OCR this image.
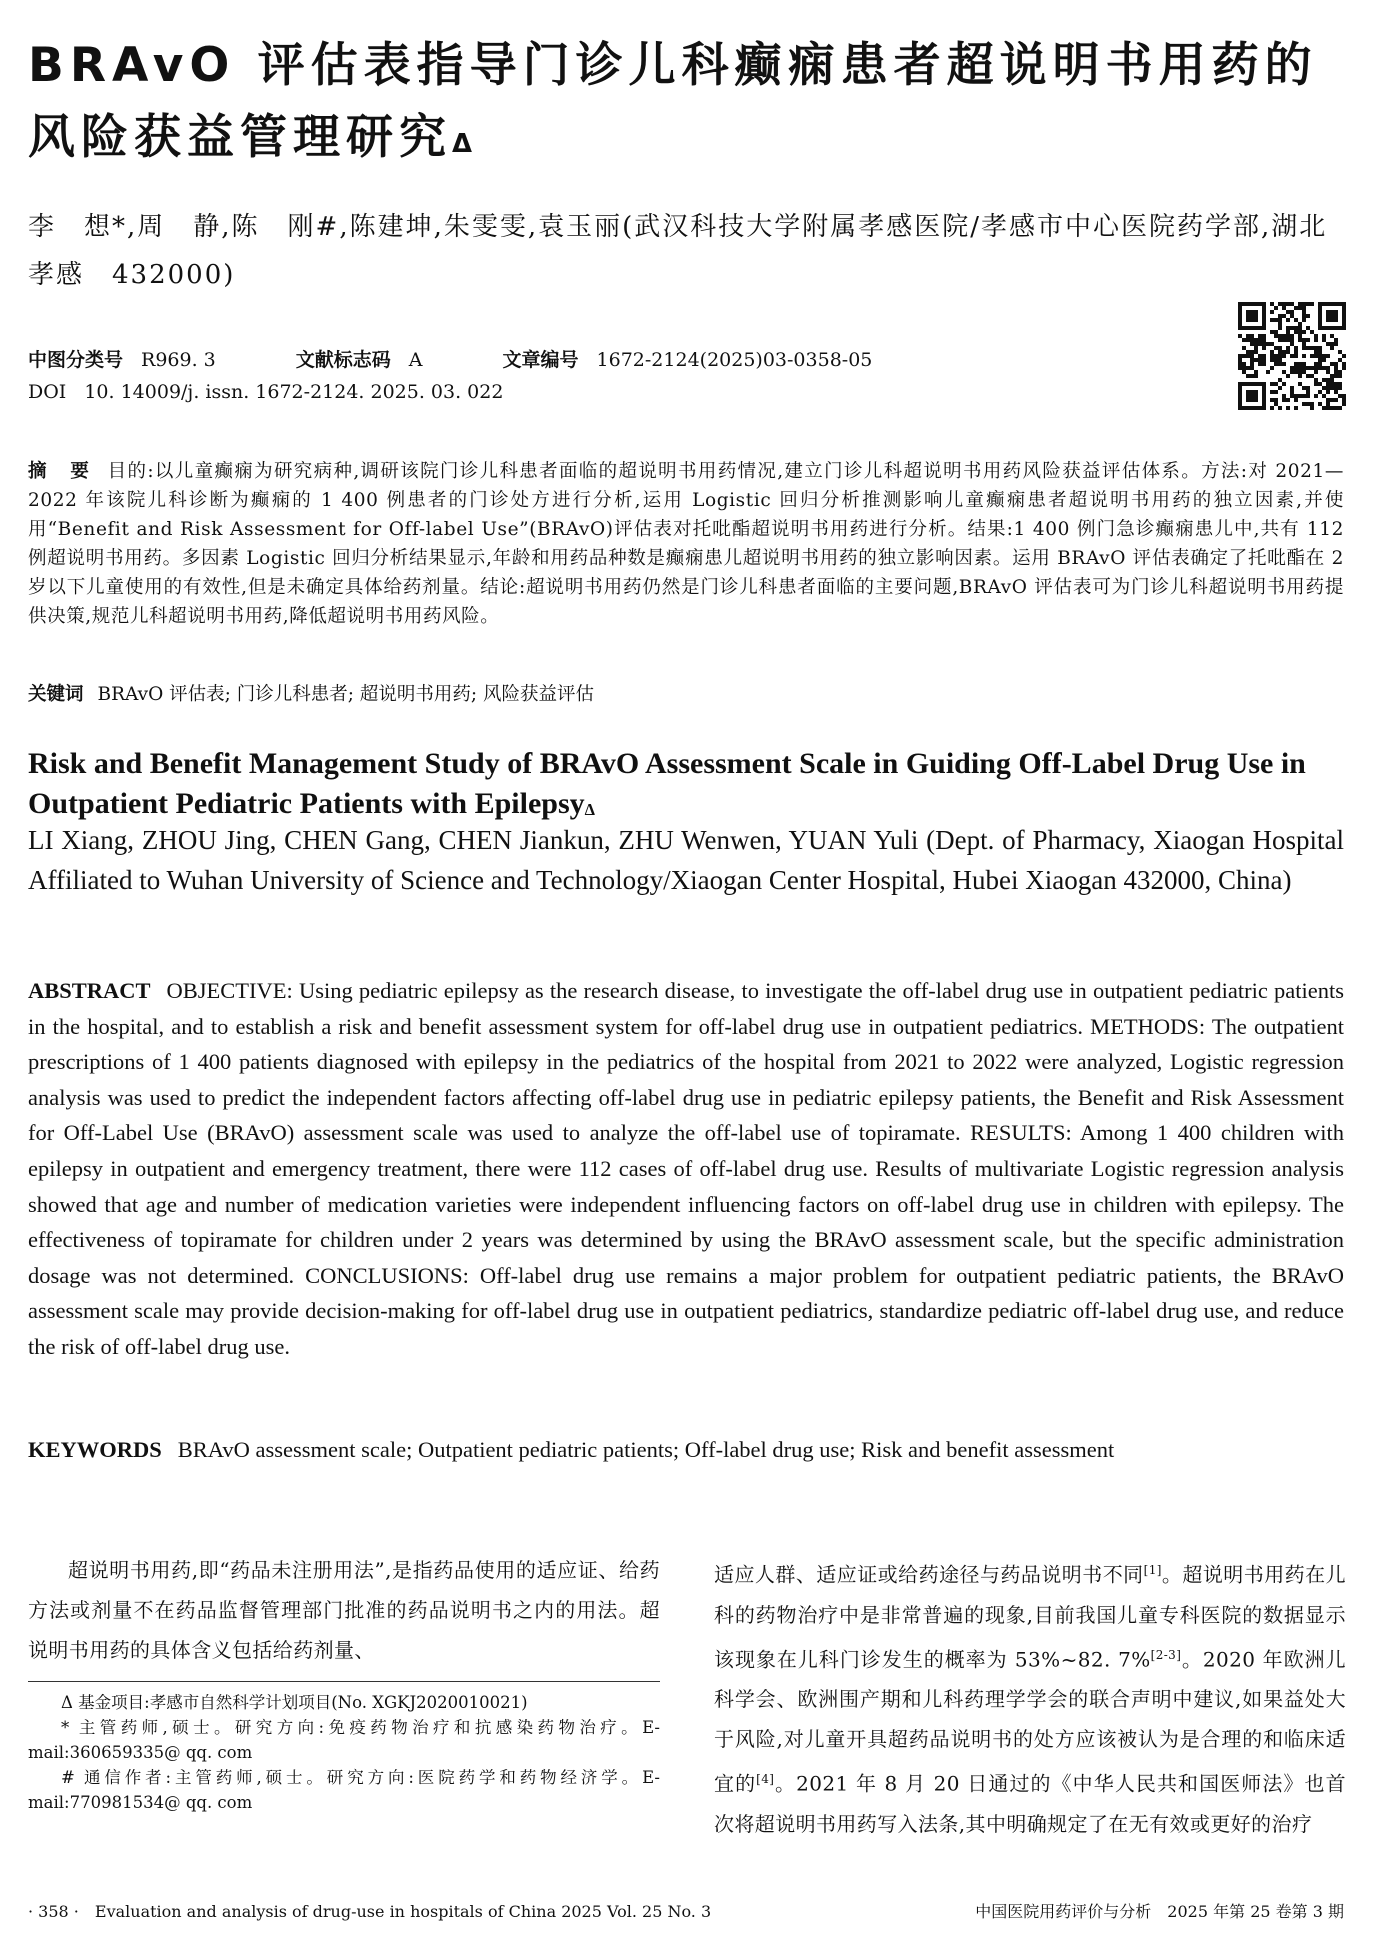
BRAvO 评估表指导门诊儿科癫痫患者超说明书用药的风险获益管理研究$^\Delta$
李　想*,周　静,陈　刚#,陈建坤,朱雯雯,袁玉丽(武汉科技大学附属孝感医院/孝感市中心医院药学部,湖北 孝感　432000)
中图分类号 R969. 3	文献标志码 A	文章编号 1672-2124(2025)03-0358-05
DOI 10. 14009/j. issn. 1672-2124. 2025. 03. 022
摘 要 目的:以儿童癫痫为研究病种,调研该院门诊儿科患者面临的超说明书用药情况,建立门诊儿科超说明书用药风险获益评估体系。方法:对 2021—2022 年该院儿科诊断为癫痫的 1 400 例患者的门诊处方进行分析,运用 Logistic 回归分析推测影响儿童癫痫患者超说明书用药的独立因素,并使用“Benefit and Risk Assessment for Off-label Use”(BRAvO)评估表对托吡酯超说明书用药进行分析。结果:1 400 例门急诊癫痫患儿中,共有 112 例超说明书用药。多因素 Logistic 回归分析结果显示,年龄和用药品种数是癫痫患儿超说明书用药的独立影响因素。运用 BRAvO 评估表确定了托吡酯在 2 岁以下儿童使用的有效性,但是未确定具体给药剂量。结论:超说明书用药仍然是门诊儿科患者面临的主要问题,BRAvO 评估表可为门诊儿科超说明书用药提供决策,规范儿科超说明书用药,降低超说明书用药风险。
关键词 BRAvO 评估表; 门诊儿科患者; 超说明书用药; 风险获益评估
Risk and Benefit Management Study of BRAvO Assessment Scale in Guiding Off-Label Drug Use in Outpatient Pediatric Patients with Epilepsy$^\Delta$
LI Xiang, ZHOU Jing, CHEN Gang, CHEN Jiankun, ZHU Wenwen, YUAN Yuli (Dept. of Pharmacy, Xiaogan Hospital Affiliated to Wuhan University of Science and Technology/Xiaogan Center Hospital, Hubei Xiaogan 432000, China)
ABSTRACT OBJECTIVE: Using pediatric epilepsy as the research disease, to investigate the off-label drug use in outpatient pediatric patients in the hospital, and to establish a risk and benefit assessment system for off-label drug use in outpatient pediatrics. METHODS: The outpatient prescriptions of 1 400 patients diagnosed with epilepsy in the pediatrics of the hospital from 2021 to 2022 were analyzed, Logistic regression analysis was used to predict the independent factors affecting off-label drug use in pediatric epilepsy patients, the Benefit and Risk Assessment for Off-Label Use (BRAvO) assessment scale was used to analyze the off-label use of topiramate. RESULTS: Among 1 400 children with epilepsy in outpatient and emergency treatment, there were 112 cases of off-label drug use. Results of multivariate Logistic regression analysis showed that age and number of medication varieties were independent influencing factors on off-label drug use in children with epilepsy. The effectiveness of topiramate for children under 2 years was determined by using the BRAvO assessment scale, but the specific administration dosage was not determined. CONCLUSIONS: Off-label drug use remains a major problem for outpatient pediatric patients, the BRAvO assessment scale may provide decision-making for off-label drug use in outpatient pediatrics, standardize pediatric off-label drug use, and reduce the risk of off-label drug use.
KEYWORDS BRAvO assessment scale; Outpatient pediatric patients; Off-label drug use; Risk and benefit assessment

超说明书用药,即“药品未注册用法”,是指药品使用的适应证、给药方法或剂量不在药品监督管理部门批准的药品说明书之内的用法。超说明书用药的具体含义包括给药剂量、

Δ 基金项目:孝感市自然科学计划项目(No. XGKJ2020010021)

* 主管药师,硕士。研究方向:免疫药物治疗和抗感染药物治疗。E-mail:360659335@ qq. com

# 通信作者:主管药师,硕士。研究方向:医院药学和药物经济学。E-mail:770981534@ qq. com

适应人群、适应证或给药途径与药品说明书不同[1]。超说明书用药在儿科的药物治疗中是非常普遍的现象,目前我国儿童专科医院的数据显示该现象在儿科门诊发生的概率为 53%~82. 7%[2-3]。2020 年欧洲儿科学会、欧洲围产期和儿科药理学学会的联合声明中建议,如果益处大于风险,对儿童开具超药品说明书的处方应该被认为是合理的和临床适宜的[4]。2021 年 8 月 20 日通过的《中华人民共和国医师法》也首次将超说明书用药写入法条,其中明确规定了在无有效或更好的治疗

· 358 ·　Evaluation and analysis of drug-use in hospitals of China 2025 Vol. 25 No. 3	中国医院用药评价与分析　2025 年第 25 卷第 3 期
